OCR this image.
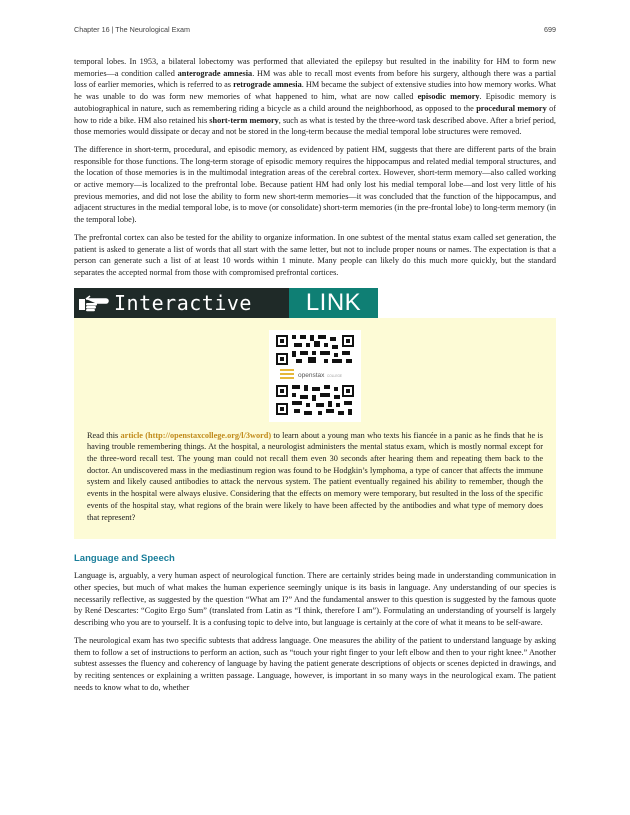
Chapter 16 | The Neurological Exam	699

temporal lobes. In 1953, a bilateral lobectomy was performed that alleviated the epilepsy but resulted in the inability for HM to form new memories—a condition called anterograde amnesia. HM was able to recall most events from before his surgery, although there was a partial loss of earlier memories, which is referred to as retrograde amnesia. HM became the subject of extensive studies into how memory works. What he was unable to do was form new memories of what happened to him, what are now called episodic memory. Episodic memory is autobiographical in nature, such as remembering riding a bicycle as a child around the neighborhood, as opposed to the procedural memory of how to ride a bike. HM also retained his short-term memory, such as what is tested by the three-word task described above. After a brief period, those memories would dissipate or decay and not be stored in the long-term because the medial temporal lobe structures were removed.

The difference in short-term, procedural, and episodic memory, as evidenced by patient HM, suggests that there are different parts of the brain responsible for those functions. The long-term storage of episodic memory requires the hippocampus and related medial temporal structures, and the location of those memories is in the multimodal integration areas of the cerebral cortex. However, short-term memory—also called working or active memory—is localized to the prefrontal lobe. Because patient HM had only lost his medial temporal lobe—and lost very little of his previous memories, and did not lose the ability to form new short-term memories—it was concluded that the function of the hippocampus, and adjacent structures in the medial temporal lobe, is to move (or consolidate) short-term memories (in the pre-frontal lobe) to long-term memory (in the temporal lobe).

The prefrontal cortex can also be tested for the ability to organize information. In one subtest of the mental status exam called set generation, the patient is asked to generate a list of words that all start with the same letter, but not to include proper nouns or names. The expectation is that a person can generate such a list of at least 10 words within 1 minute. Many people can likely do this much more quickly, but the standard separates the accepted normal from those with compromised prefrontal cortices.

Interactive	LINK
openstax COLLEGE

Read this article (http://openstaxcollege.org/l/3word) to learn about a young man who texts his fiancée in a panic as he finds that he is having trouble remembering things. At the hospital, a neurologist administers the mental status exam, which is mostly normal except for the three-word recall test. The young man could not recall them even 30 seconds after hearing them and repeating them back to the doctor. An undiscovered mass in the mediastinum region was found to be Hodgkin’s lymphoma, a type of cancer that affects the immune system and likely caused antibodies to attack the nervous system. The patient eventually regained his ability to remember, though the events in the hospital were always elusive. Considering that the effects on memory were temporary, but resulted in the loss of the specific events of the hospital stay, what regions of the brain were likely to have been affected by the antibodies and what type of memory does that represent?

Language and Speech

Language is, arguably, a very human aspect of neurological function. There are certainly strides being made in understanding communication in other species, but much of what makes the human experience seemingly unique is its basis in language. Any understanding of our species is necessarily reflective, as suggested by the question “What am I?” And the fundamental answer to this question is suggested by the famous quote by René Descartes: “Cogito Ergo Sum” (translated from Latin as “I think, therefore I am”). Formulating an understanding of yourself is largely describing who you are to yourself. It is a confusing topic to delve into, but language is certainly at the core of what it means to be self-aware.

The neurological exam has two specific subtests that address language. One measures the ability of the patient to understand language by asking them to follow a set of instructions to perform an action, such as “touch your right finger to your left elbow and then to your right knee.” Another subtest assesses the fluency and coherency of language by having the patient generate descriptions of objects or scenes depicted in drawings, and by reciting sentences or explaining a written passage. Language, however, is important in so many ways in the neurological exam. The patient needs to know what to do, whether
